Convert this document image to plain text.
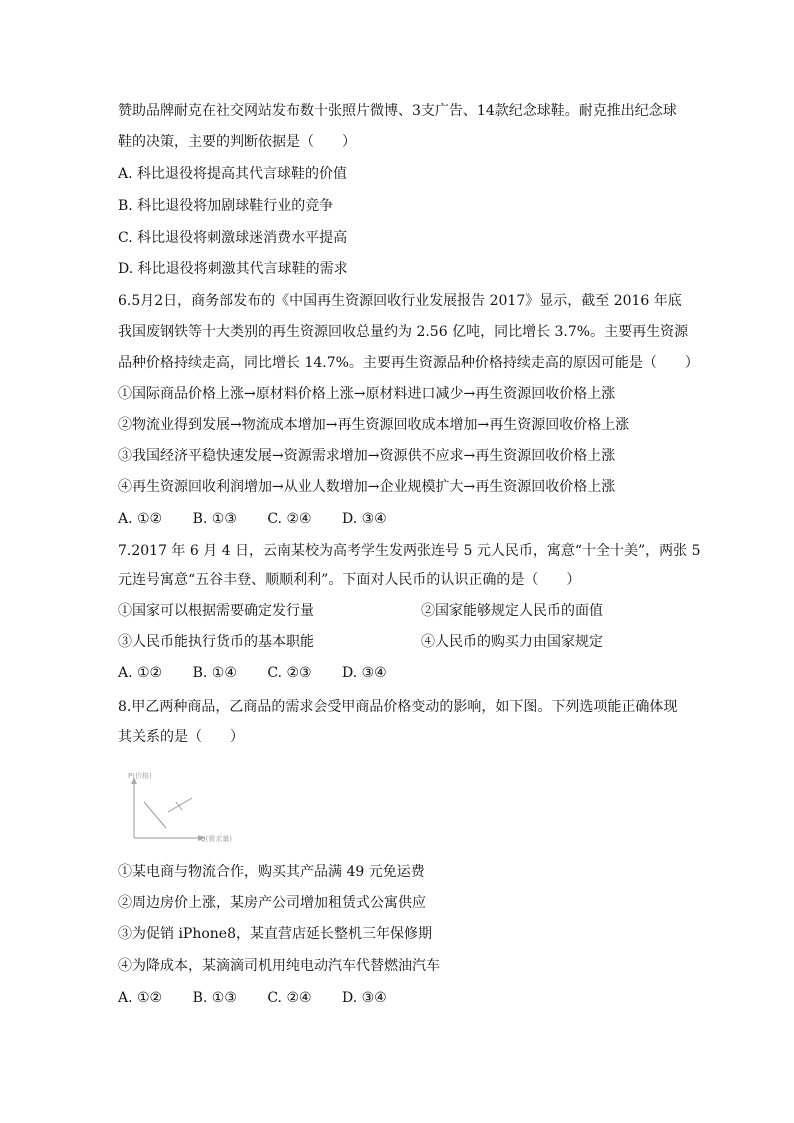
赞助品牌耐克在社交网站发布数十张照片微博、3支广告、14款纪念球鞋。耐克推出纪念球
鞋的决策，主要的判断依据是（　　）
A. 科比退役将提高其代言球鞋的价值
B. 科比退役将加剧球鞋行业的竞争
C. 科比退役将刺激球迷消费水平提高
D. 科比退役将刺激其代言球鞋的需求
6.5月2日，商务部发布的《中国再生资源回收行业发展报告 2017》显示，截至 2016 年底
我国废钢铁等十大类别的再生资源回收总量约为 2.56 亿吨，同比增长 3.7%。主要再生资源
品种价格持续走高，同比增长 14.7%。主要再生资源品种价格持续走高的原因可能是（　　）
①国际商品价格上涨→原材料价格上涨→原材料进口减少→再生资源回收价格上涨
②物流业得到发展→物流成本增加→再生资源回收成本增加→再生资源回收价格上涨
③我国经济平稳快速发展→资源需求增加→资源供不应求→再生资源回收价格上涨
④再生资源回收利润增加→从业人数增加→企业规模扩大→再生资源回收价格上涨
A. ①② B. ①③ C. ②④ D. ③④
7.2017 年 6 月 4 日，云南某校为高考学生发两张连号 5 元人民币，寓意“十全十美”，两张 5
元连号寓意“五谷丰登、顺顺利利”。下面对人民币的认识正确的是（　　）
①国家可以根据需要确定发行量	②国家能够规定人民币的面值
③人民币能执行货币的基本职能	④人民币的购买力由国家规定
A. ①② B. ①④ C. ②③ D. ③④
8.甲乙两种商品，乙商品的需求会受甲商品价格变动的影响，如下图。下列选项能正确体现
其关系的是（　　）
P(价格)
Q(需求量)
①某电商与物流合作，购买其产品满 49 元免运费
②周边房价上涨，某房产公司增加租赁式公寓供应
③为促销 iPhone8，某直营店延长整机三年保修期
④为降成本，某滴滴司机用纯电动汽车代替燃油汽车
A. ①② B. ①③ C. ②④ D. ③④
